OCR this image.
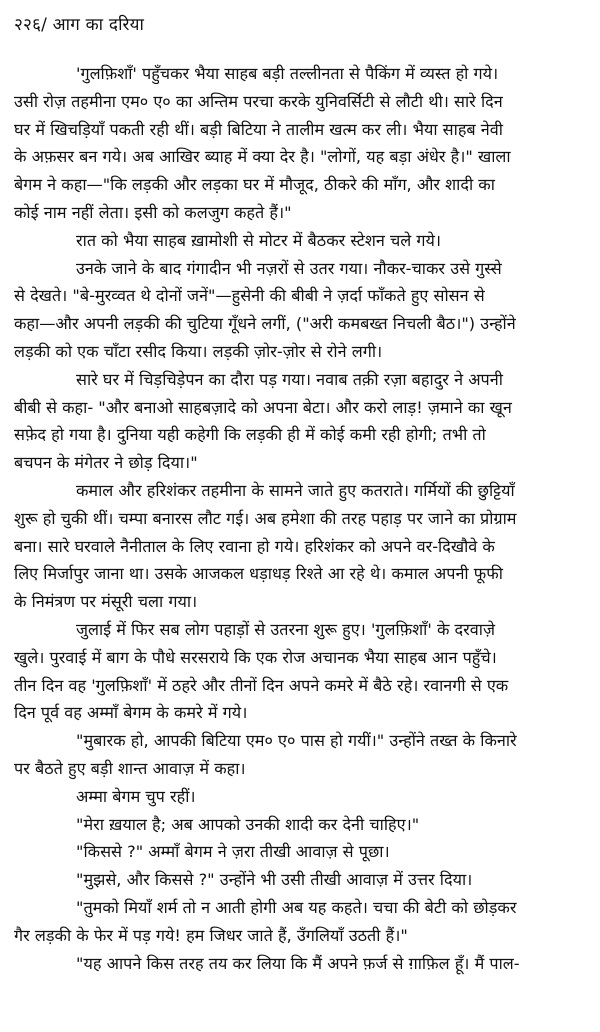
२२६/ आग का दरिया
'गुलफ़िशाँ' पहुँचकर भैया साहब बड़ी तल्लीनता से पैकिंग में व्यस्त हो गये।
उसी रोज़ तहमीना एम० ए० का अन्तिम परचा करके युनिवर्सिटी से लौटी थी। सारे दिन
घर में खिचड़ियाँ पकती रही थीं। बड़ी बिटिया ने तालीम खत्म कर ली। भैया साहब नेवी
के अफ़सर बन गये। अब आखिर ब्याह में क्या देर है। "लोगों, यह बड़ा अंधेर है।" खाला
बेगम ने कहा—"कि लड़की और लड़का घर में मौजूद, ठीकरे की माँग, और शादी का
कोई नाम नहीं लेता। इसी को कलजुग कहते हैं।"
रात को भैया साहब ख़ामोशी से मोटर में बैठकर स्टेशन चले गये।
उनके जाने के बाद गंगादीन भी नज़रों से उतर गया। नौकर-चाकर उसे गुस्से
से देखते। "बे-मुरव्वत थे दोनों जनें"—हुसेनी की बीबी ने ज़र्दा फाँकते हुए सोसन से
कहा—और अपनी लड़की की चुटिया गूँधने लगीं, ("अरी कमबख्त निचली बैठ।") उन्होंने
लड़की को एक चाँटा रसीद किया। लड़की ज़ोर-ज़ोर से रोने लगी।
सारे घर में चिड़चिड़ेपन का दौरा पड़ गया। नवाब तक़ी रज़ा बहादुर ने अपनी
बीबी से कहा- "और बनाओ साहबज़ादे को अपना बेटा। और करो लाड़! ज़माने का खून
सफ़ेद हो गया है। दुनिया यही कहेगी कि लड़की ही में कोई कमी रही होगी; तभी तो
बचपन के मंगेतर ने छोड़ दिया।"
कमाल और हरिशंकर तहमीना के सामने जाते हुए कतराते। गर्मियों की छुट्टियाँ
शुरू हो चुकी थीं। चम्पा बनारस लौट गई। अब हमेशा की तरह पहाड़ पर जाने का प्रोग्राम
बना। सारे घरवाले नैनीताल के लिए रवाना हो गये। हरिशंकर को अपने वर-दिखौवे के
लिए मिर्जापुर जाना था। उसके आजकल धड़ाधड़ रिश्ते आ रहे थे। कमाल अपनी फूफी
के निमंत्रण पर मंसूरी चला गया।
जुलाई में फिर सब लोग पहाड़ों से उतरना शुरू हुए। 'गुलफ़िशाँ' के दरवाज़े
खुले। पुरवाई में बाग के पौधे सरसराये कि एक रोज अचानक भैया साहब आन पहुँचे।
तीन दिन वह 'गुलफ़िशाँ' में ठहरे और तीनों दिन अपने कमरे में बैठे रहे। रवानगी से एक
दिन पूर्व वह अम्माँ बेगम के कमरे में गये।
"मुबारक हो, आपकी बिटिया एम० ए० पास हो गयीं।" उन्होंने तख्त के किनारे
पर बैठते हुए बड़ी शान्त आवाज़ में कहा।
अम्मा बेगम चुप रहीं।
"मेरा ख़याल है; अब आपको उनकी शादी कर देनी चाहिए।"
"किससे ?" अम्माँ बेगम ने ज़रा तीखी आवाज़ से पूछा।
"मुझसे, और किससे ?" उन्होंने भी उसी तीखी आवाज़ में उत्तर दिया।
"तुमको मियाँ शर्म तो न आती होगी अब यह कहते। चचा की बेटी को छोड़कर
गैर लड़की के फेर में पड़ गये! हम जिधर जाते हैं, उँगलियाँ उठती हैं।"
"यह आपने किस तरह तय कर लिया कि मैं अपने फ़र्ज से ग़ाफ़िल हूँ। मैं पाल-
